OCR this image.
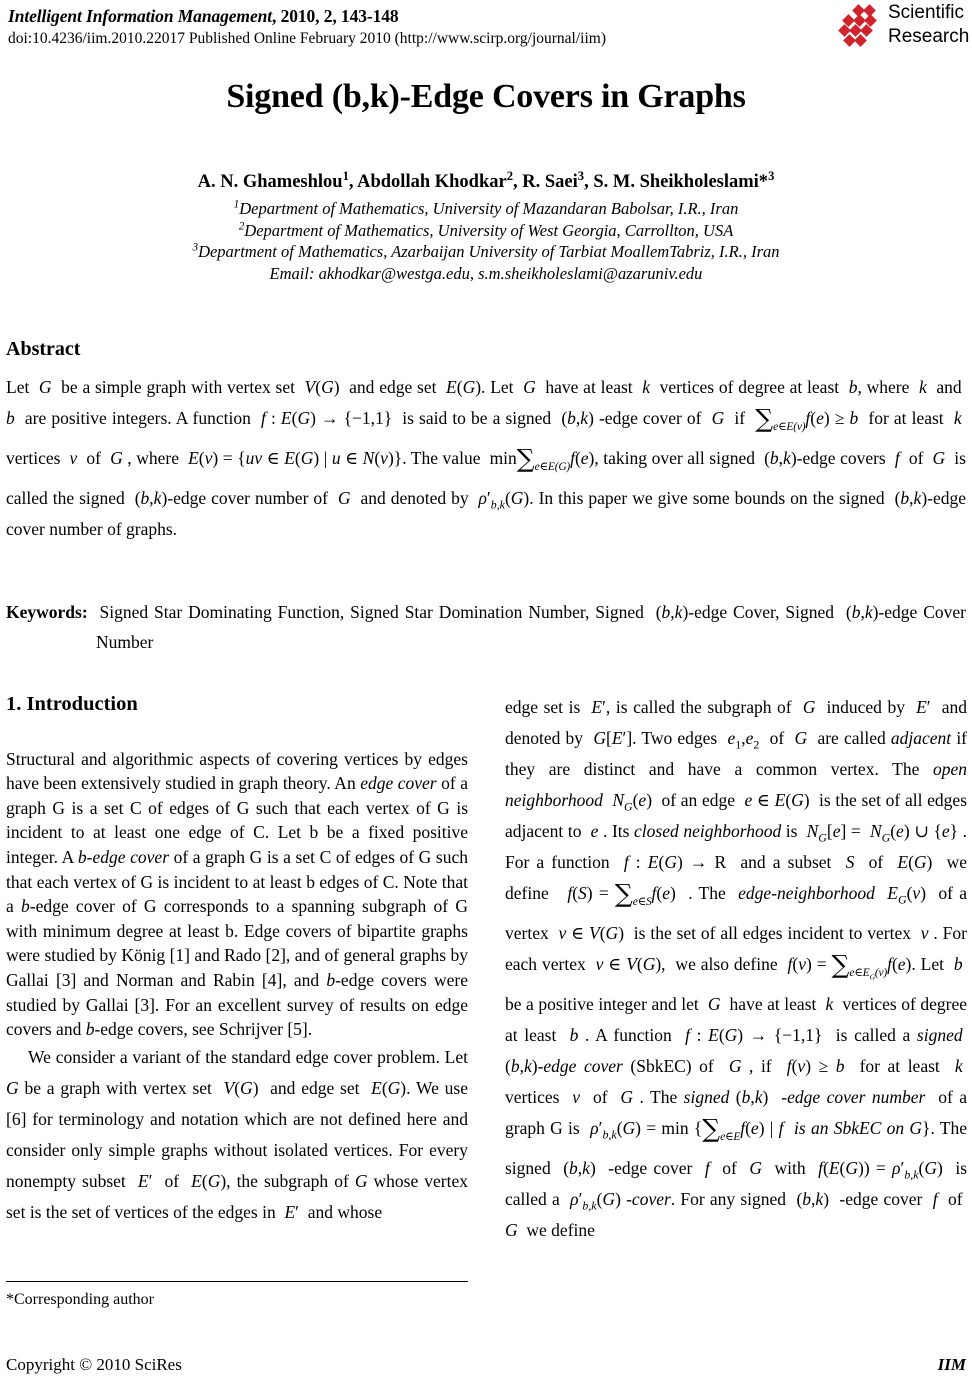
Intelligent Information Management, 2010, 2, 143-148
doi:10.4236/iim.2010.22017 Published Online February 2010 (http://www.scirp.org/journal/iim)
Scientific
Research
Signed (b,k)-Edge Covers in Graphs
A. N. Ghameshlou$^1$, Abdollah Khodkar$^2$, R. Saei$^3$, S. M. Sheikholeslami*$^3$
$^1$Department of Mathematics, University of Mazandaran Babolsar, I.R., Iran
$^2$Department of Mathematics, University of West Georgia, Carrollton, USA
$^3$Department of Mathematics, Azarbaijan University of Tarbiat MoallemTabriz, I.R., Iran
Email: akhodkar@westga.edu, s.m.sheikholeslami@azaruniv.edu
Abstract
Let  G  be a simple graph with vertex set  V(G)  and edge set  E(G). Let  G  have at least  k  vertices of degree at least  b, where  k  and  b  are positive integers. A function  f : E(G) → {−1,1}  is said to be a signed  (b,k) -edge cover of  G  if  $\sum_{e\in E(v)}f(e) \ge b$  for at least  k  vertices  v  of  G , where  E(v) = {uv ∈ E(G) | u ∈ N(v)}. The value  $\min\sum_{e\in E(G)}f(e)$, taking over all signed  (b,k)-edge covers  f  of  G  is called the signed  (b,k)-edge cover number of  G  and denoted by  $\rho'_{b,k}(G)$. In this paper we give some bounds on the signed  (b,k)-edge cover number of graphs.
Keywords:  Signed Star Dominating Function, Signed Star Domination Number, Signed  (b,k)-edge Cover, Signed  (b,k)-edge Cover Number
1. Introduction

Structural and algorithmic aspects of covering vertices by edges have been extensively studied in graph theory. An edge cover of a graph G is a set C of edges of G such that each vertex of G is incident to at least one edge of C. Let b be a fixed positive integer. A b-edge cover of a graph G is a set C of edges of G such that each vertex of G is incident to at least b edges of C. Note that a b-edge cover of G corresponds to a spanning subgraph of G with minimum degree at least b. Edge covers of bipartite graphs were studied by König [1] and Rado [2], and of general graphs by Gallai [3] and Norman and Rabin [4], and b-edge covers were studied by Gallai [3]. For an excellent survey of results on edge covers and b-edge covers, see Schrijver [5].

We consider a variant of the standard edge cover problem. Let G be a graph with vertex set  V(G)  and edge set  E(G). We use [6] for terminology and notation which are not defined here and consider only simple graphs without isolated vertices. For every nonempty subset  E′  of  E(G), the subgraph of G whose vertex set is the set of vertices of the edges in  E′  and whose

edge set is  E′, is called the subgraph of  G  induced by  E′  and denoted by  G[E′]. Two edges  $e_1,e_2$  of  G  are called adjacent if they are distinct and have a common vertex. The open neighborhood $N_G(e)$  of an edge  e ∈ E(G)  is the set of all edges adjacent to  e . Its closed neighborhood is  $N_G[e] = N_G(e)$ ∪ {e} . For a function  f : E(G) → R  and a subset  S  of  E(G)  we define   $f(S) = \sum_{e\in S}f(e)$  . The  edge-neighborhood $E_G(v)$  of a vertex  v ∈ V(G)  is the set of all edges incident to vertex  v . For each vertex  v ∈ V(G),  we also define  $f(v) = \sum_{e\in E_G(v)}f(e)$. Let  b  be a positive integer and let  G  have at least  k  vertices of degree at least  b . A function  f : E(G) → {−1,1}  is called a signed  (b,k)-edge cover (SbkEC) of  G , if  f(v) ≥ b  for at least  k  vertices  v  of  G . The signed (b,k)  -edge cover number  of a graph G is  $\rho'_{b,k}(G) = \min \{\sum_{e\in E}f(e)$ | f is an SbkEC on G}. The signed  (b,k)  -edge cover  f  of  G  with  $f(E(G)) = \rho'_{b,k}(G)$  is called a  $\rho'_{b,k}(G)$ -cover. For any signed  (b,k)  -edge cover  f  of  G  we define

*Corresponding author
Copyright © 2010 SciRes	IIM
